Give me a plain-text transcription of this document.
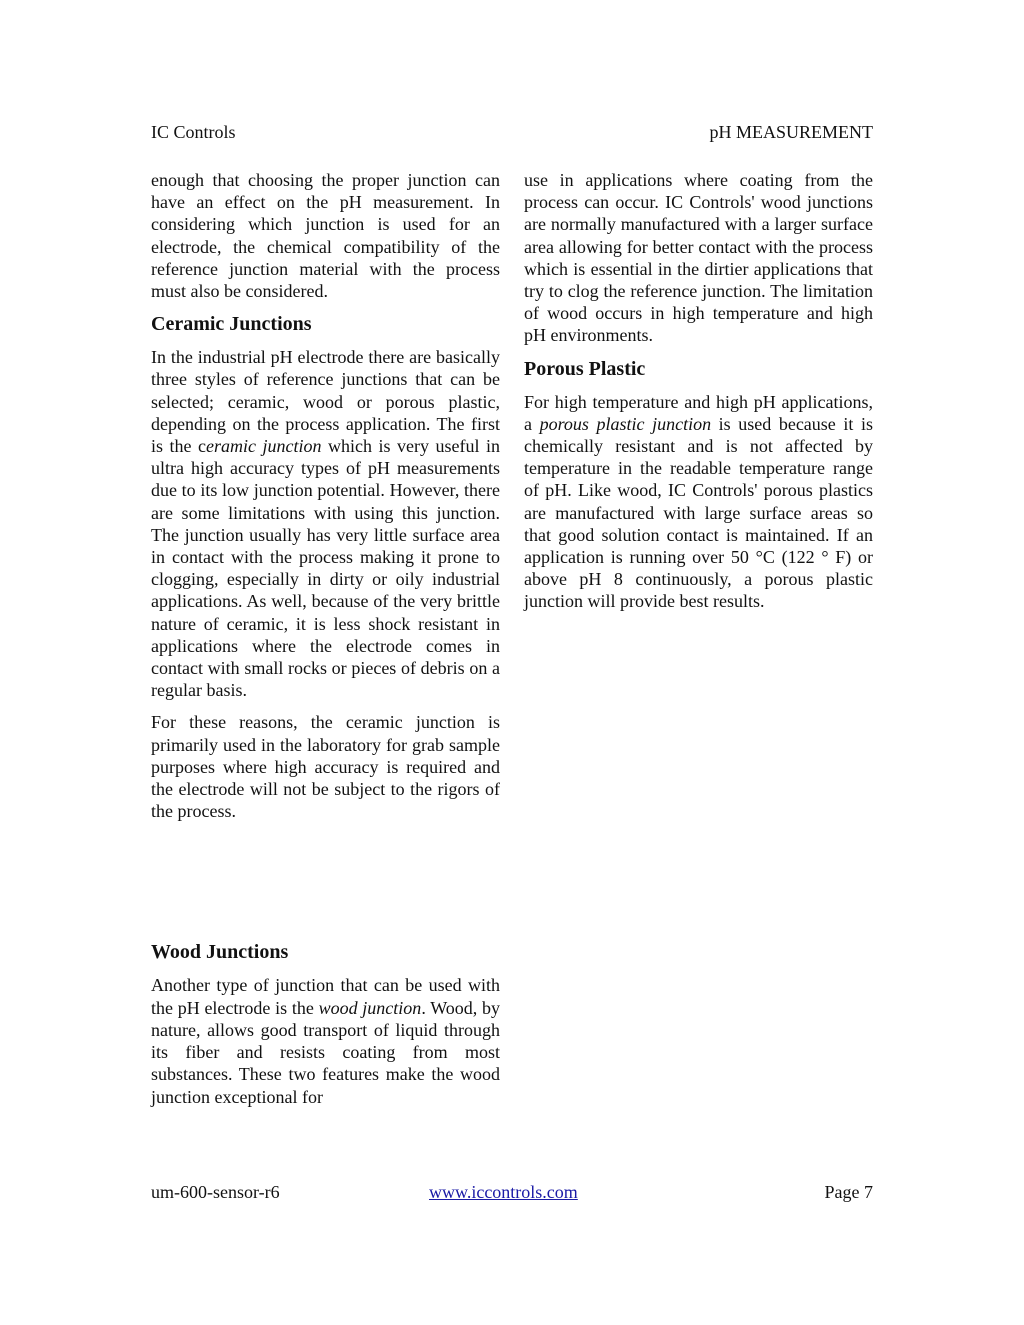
IC Controls	pH MEASUREMENT

enough that choosing the proper junction can have an effect on the pH measurement. In considering which junction is used for an electrode, the chemical compatibility of the reference junction material with the process must also be considered.

Ceramic Junctions

In the industrial pH electrode there are basically three styles of reference junctions that can be selected; ceramic, wood or porous plastic, depending on the process application. The first is the ceramic junction which is very useful in ultra high accuracy types of pH measurements due to its low junction potential. However, there are some limitations with using this junction. The junction usually has very little surface area in contact with the process making it prone to clogging, especially in dirty or oily industrial applications. As well, because of the very brittle nature of ceramic, it is less shock resistant in applications where the electrode comes in contact with small rocks or pieces of debris on a regular basis.

For these reasons, the ceramic junction is primarily used in the laboratory for grab sample purposes where high accuracy is required and the electrode will not be subject to the rigors of the process.

Wood Junctions

Another type of junction that can be used with the pH electrode is the wood junction. Wood, by nature, allows good transport of liquid through its fiber and resists coating from most substances. These two features make the wood junction exceptional for

use in applications where coating from the process can occur. IC Controls' wood junctions are normally manufactured with a larger surface area allowing for better contact with the process which is essential in the dirtier applications that try to clog the reference junction. The limitation of wood occurs in high temperature and high pH environments.

Porous Plastic

For high temperature and high pH applications, a porous plastic junction is used because it is chemically resistant and is not affected by temperature in the readable temperature range of pH. Like wood, IC Controls' porous plastics are manufactured with large surface areas so that good solution contact is maintained. If an application is running over 50 °C (122 ° F) or above pH 8 continuously, a porous plastic junction will provide best results.

um-600-sensor-r6	www.iccontrols.com	Page 7
